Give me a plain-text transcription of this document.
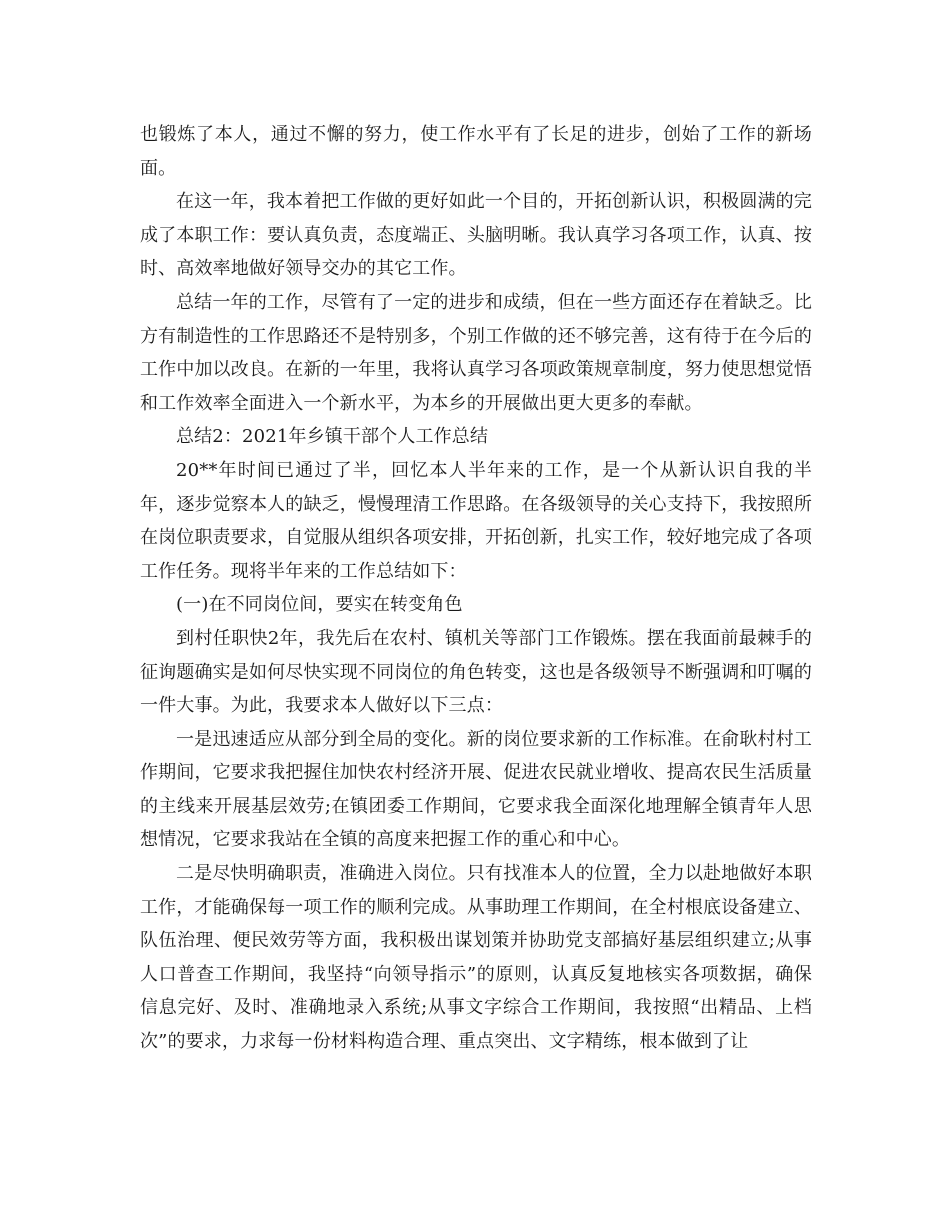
也锻炼了本人，通过不懈的努力，使工作水平有了长足的进步，创始了工作的新场面。

在这一年，我本着把工作做的更好如此一个目的，开拓创新认识，积极圆满的完成了本职工作：要认真负责，态度端正、头脑明晰。我认真学习各项工作，认真、按时、高效率地做好领导交办的其它工作。

总结一年的工作，尽管有了一定的进步和成绩，但在一些方面还存在着缺乏。比方有制造性的工作思路还不是特别多，个别工作做的还不够完善，这有待于在今后的工作中加以改良。在新的一年里，我将认真学习各项政策规章制度，努力使思想觉悟和工作效率全面进入一个新水平，为本乡的开展做出更大更多的奉献。

总结2：2021年乡镇干部个人工作总结

20**年时间已通过了半，回忆本人半年来的工作，是一个从新认识自我的半年，逐步觉察本人的缺乏，慢慢理清工作思路。在各级领导的关心支持下，我按照所在岗位职责要求，自觉服从组织各项安排，开拓创新，扎实工作，较好地完成了各项工作任务。现将半年来的工作总结如下：

(一)在不同岗位间，要实在转变角色

到村任职快2年，我先后在农村、镇机关等部门工作锻炼。摆在我面前最棘手的征询题确实是如何尽快实现不同岗位的角色转变，这也是各级领导不断强调和叮嘱的一件大事。为此，我要求本人做好以下三点：

一是迅速适应从部分到全局的变化。新的岗位要求新的工作标准。在俞耿村村工作期间，它要求我把握住加快农村经济开展、促进农民就业增收、提高农民生活质量的主线来开展基层效劳;在镇团委工作期间，它要求我全面深化地理解全镇青年人思想情况，它要求我站在全镇的高度来把握工作的重心和中心。

二是尽快明确职责，准确进入岗位。只有找准本人的位置，全力以赴地做好本职工作，才能确保每一项工作的顺利完成。从事助理工作期间，在全村根底设备建立、队伍治理、便民效劳等方面，我积极出谋划策并协助党支部搞好基层组织建立;从事人口普查工作期间，我坚持“向领导指示”的原则，认真反复地核实各项数据，确保信息完好、及时、准确地录入系统;从事文字综合工作期间，我按照“出精品、上档次”的要求，力求每一份材料构造合理、重点突出、文字精练，根本做到了让
